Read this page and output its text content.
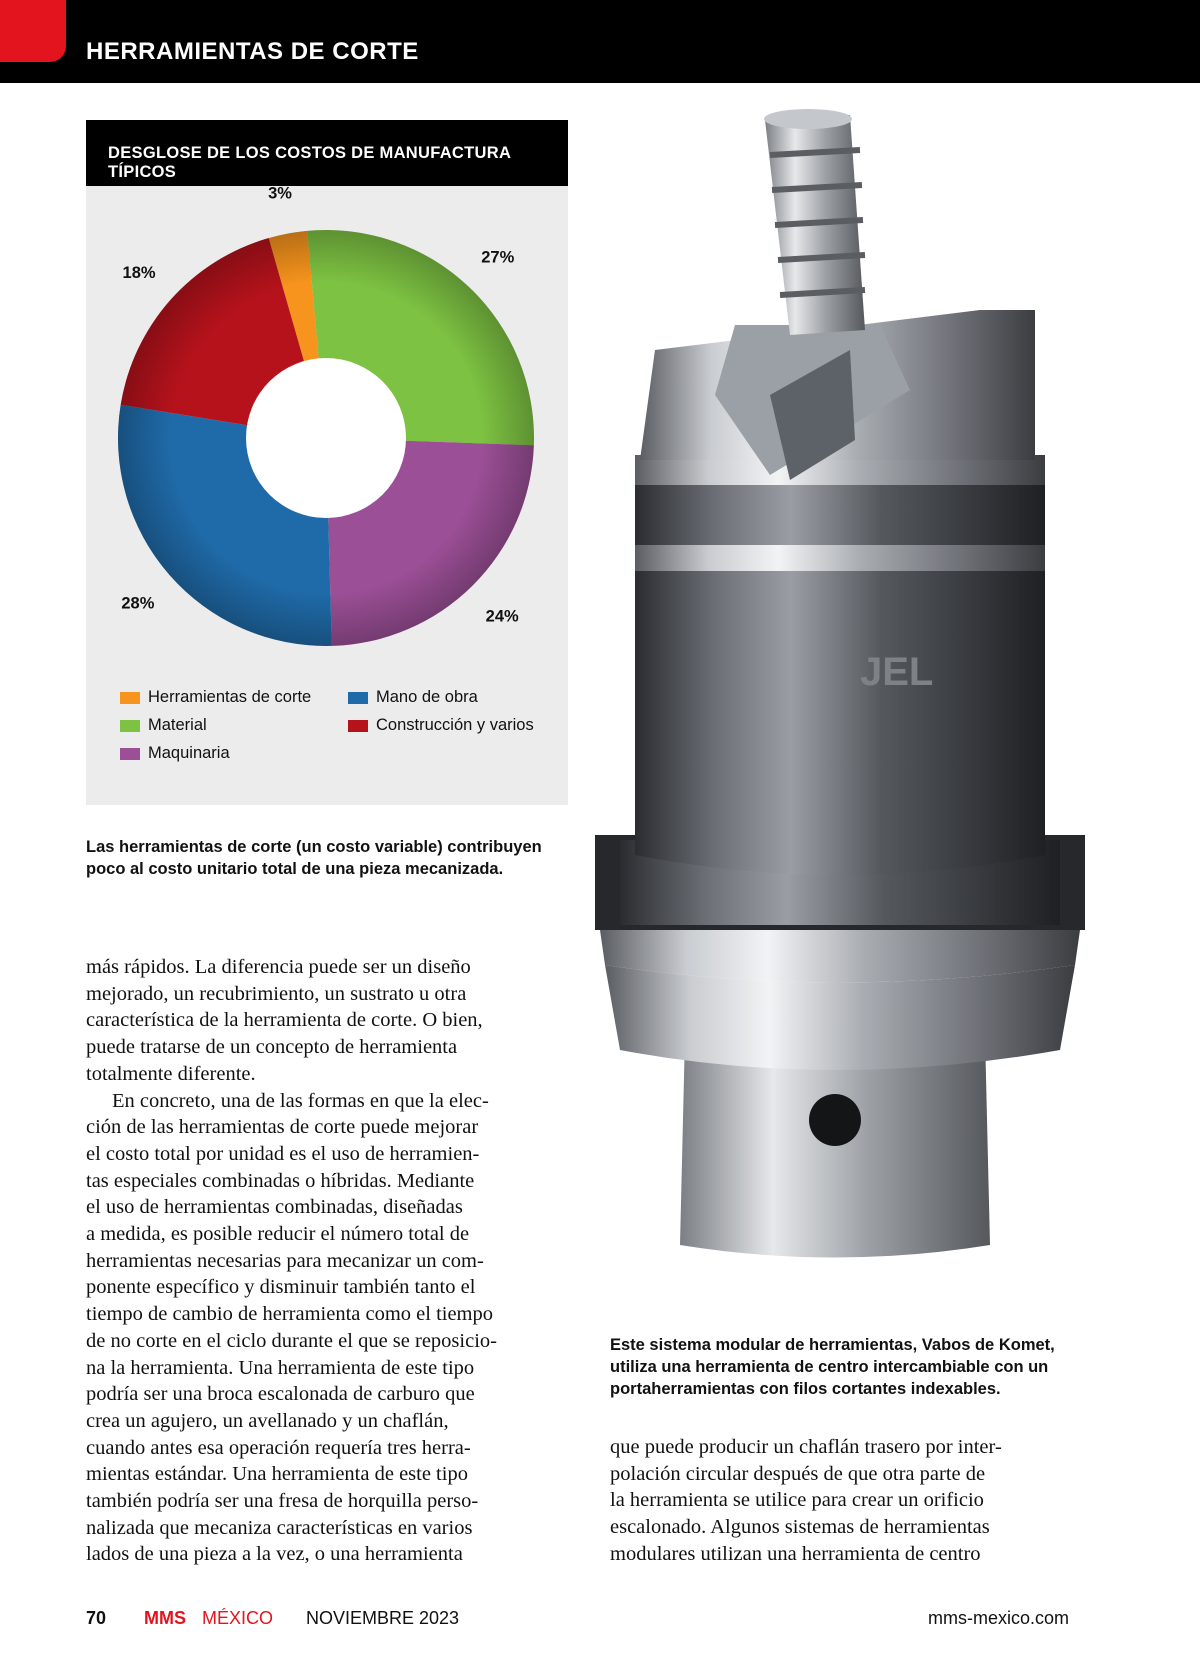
HERRAMIENTAS DE CORTE
DESGLOSE DE LOS COSTOS DE MANUFACTURA TÍPICOS
3%
27%
24%
28%
18%
Herramientas de corte	Mano de obra
Material	Construcción y varios
Maquinaria
Las herramientas de corte (un costo variable) contribuyen poco al costo unitario total de una pieza mecanizada.

más rápidos. La diferencia puede ser un diseño
mejorado, un recubrimiento, un sustrato u otra
característica de la herramienta de corte. O bien,
puede tratarse de un concepto de herramienta
totalmente diferente.

En concreto, una de las formas en que la elec-
ción de las herramientas de corte puede mejorar
el costo total por unidad es el uso de herramien-
tas especiales combinadas o híbridas. Mediante
el uso de herramientas combinadas, diseñadas
a medida, es posible reducir el número total de
herramientas necesarias para mecanizar un com-
ponente específico y disminuir también tanto el
tiempo de cambio de herramienta como el tiempo
de no corte en el ciclo durante el que se reposicio-
na la herramienta. Una herramienta de este tipo
podría ser una broca escalonada de carburo que
crea un agujero, un avellanado y un chaflán,
cuando antes esa operación requería tres herra-
mientas estándar. Una herramienta de este tipo
también podría ser una fresa de horquilla perso-
nalizada que mecaniza características en varios
lados de una pieza a la vez, o una herramienta

JEL
Este sistema modular de herramientas, Vabos de Komet, utiliza una herramienta de centro intercambiable con un portaherramientas con filos cortantes indexables.
que puede producir un chaflán trasero por inter-
polación circular después de que otra parte de
la herramienta se utilice para crear un orificio
escalonado. Algunos sistemas de herramientas
modulares utilizan una herramienta de centro
70 MMS MÉXICO NOVIEMBRE 2023	mms-mexico.com
